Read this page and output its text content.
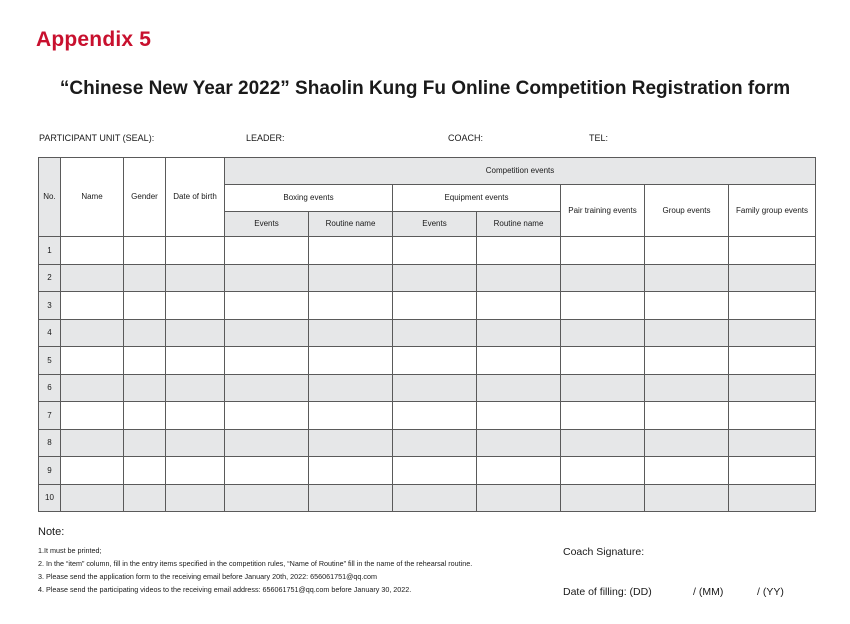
Appendix 5
“Chinese New Year 2022” Shaolin Kung Fu Online Competition Registration form
PARTICIPANT UNIT (SEAL):	LEADER:	COACH:	TEL:
No.	Name	Gender	Date of birth	Competition events						
				Boxing events		Equipment events		Pair training events	Group events	Family group events
				Events	Routine name	Events	Routine name			
1										
2										
3										
4										
5										
6										
7										
8										
9										
10										
Note:
1.It must be printed;
2. In the “item” column, fill in the entry items specified in the competition rules, “Name of Routine” fill in the name of the rehearsal routine.
3. Please send the application form to the receiving email before January 20th, 2022: 656061751@qq.com
4. Please send the participating videos to the receiving email address: 656061751@qq.com before January 30, 2022.
Coach Signature:
Date of filling: (DD)	/ (MM)	/ (YY)
